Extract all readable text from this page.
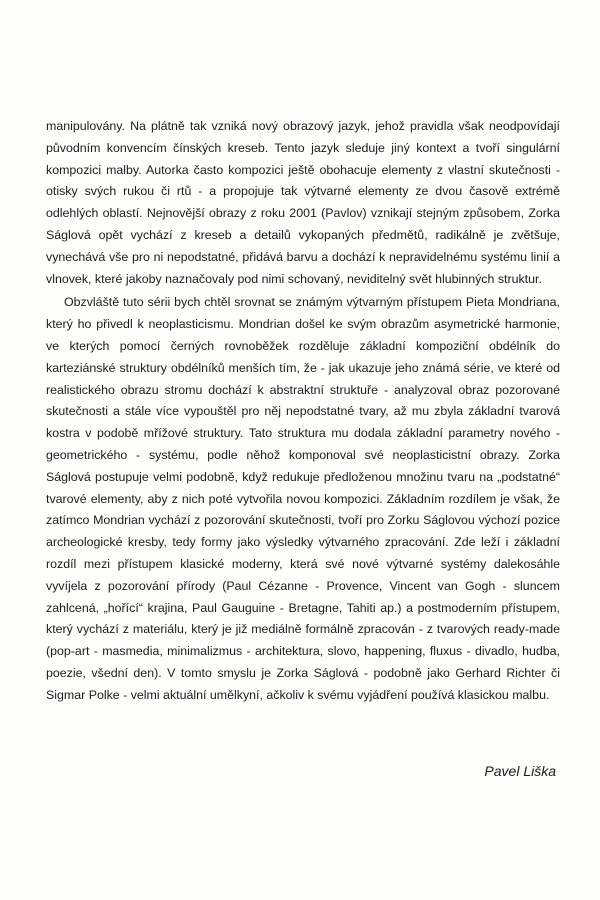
manipulovány. Na plátně tak vzniká nový obrazový jazyk, jehož pravidla však neodpovídají původním konvencím čínských kreseb. Tento jazyk sleduje jiný kontext a tvoří singulární kompozici malby. Autorka často kompozici ještě obohacuje elementy z vlastní skutečnosti - otisky svých rukou či rtů - a propojuje tak výtvarné elementy ze dvou časově extrémě odlehlých oblastí. Nejnovější obrazy z roku 2001 (Pavlov) vznikají stejným způsobem, Zorka Ságlová opět vychází z kreseb a detailů vykopaných předmětů, radikálně je zvětšuje, vynechává vše pro ni nepodstatné, přidává barvu a dochází k nepravidelnému systému linií a vlnovek, které jakoby naznačovaly pod nimi schovaný, neviditelný svět hlubinných struktur.

Obzvláště tuto sérii bych chtěl srovnat se známým výtvarným přístupem Pieta Mondriana, který ho přivedl k neoplasticismu. Mondrian došel ke svým obrazům asymetrické harmonie, ve kterých pomocí černých rovnoběžek rozděluje základní kompoziční obdélník do karteziánské struktury obdélníků menších tím, že - jak ukazuje jeho známá série, ve které od realistického obrazu stromu dochází k abstraktní struktuře - analyzoval obraz pozorované skutečnosti a stále více vypouštěl pro něj nepodstatné tvary, až mu zbyla základní tvarová kostra v podobě mřížové struktury. Tato struktura mu dodala základní parametry nového - geometrického - systému, podle něhož komponoval své neoplasticistní obrazy. Zorka Ságlová postupuje velmi podobně, když redukuje předloženou množinu tvaru na „podstatné“ tvarové elementy, aby z nich poté vytvořila novou kompozici. Základním rozdílem je však, že zatímco Mondrian vychází z pozorování skutečnosti, tvoří pro Zorku Ságlovou výchozí pozice archeologické kresby, tedy formy jako výsledky výtvarného zpracování. Zde leží i základní rozdíl mezi přístupem klasické moderny, která své nové výtvarné systémy dalekosáhle vyvíjela z pozorování přírody (Paul Cézanne - Provence, Vincent van Gogh - sluncem zahlcená, „hořící“ krajina, Paul Gauguine - Bretagne, Tahiti ap.) a postmoderním přístupem, který vychází z materiálu, který je již mediálně formálně zpracován - z tvarových ready-made (pop-art - masmedia, minimalizmus - architektura, slovo, happening, fluxus - divadlo, hudba, poezie, všední den). V tomto smyslu je Zorka Ságlová - podobně jako Gerhard Richter či Sigmar Polke - velmi aktuální umělkyní, ačkoliv k svému vyjádření používá klasickou malbu.

Pavel Liška
